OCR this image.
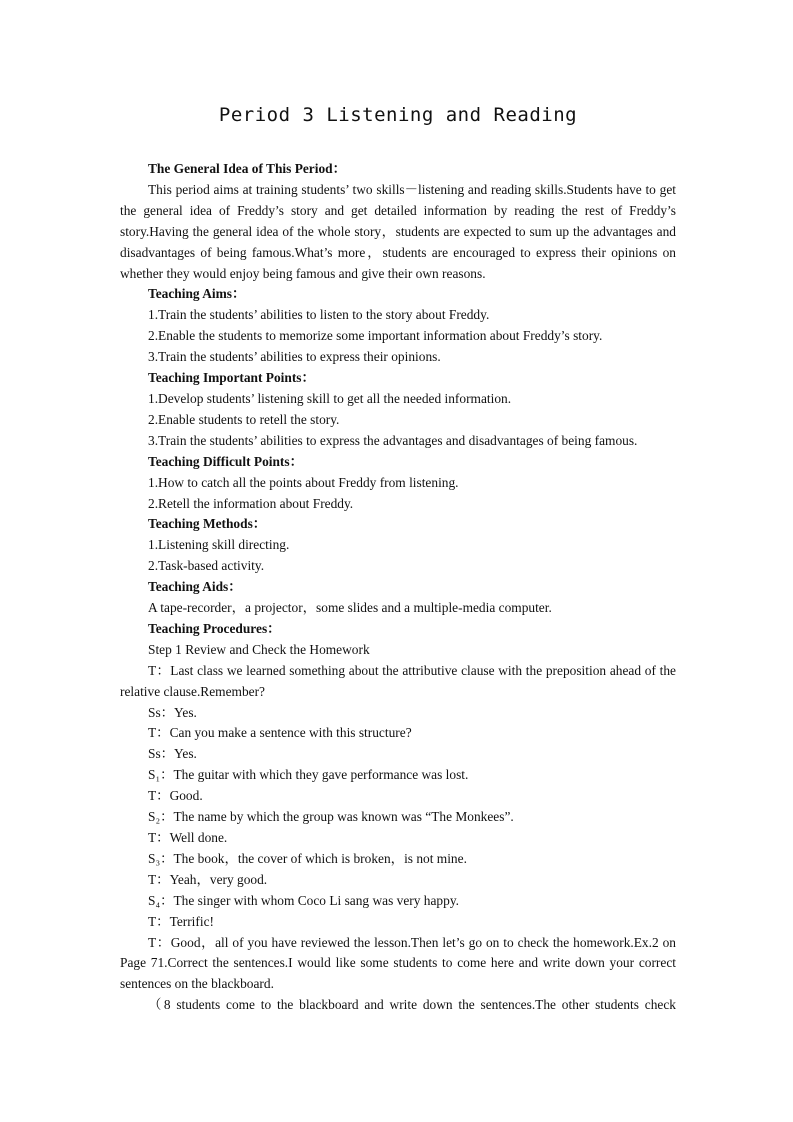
Period 3 Listening and Reading

The General Idea of This Period：

This period aims at training students’ two skills－listening and reading skills.Students have to get the general idea of Freddy’s story and get detailed information by reading the rest of Freddy’s story.Having the general idea of the whole story，students are expected to sum up the advantages and disadvantages of being famous.What’s more，students are encouraged to express their opinions on whether they would enjoy being famous and give their own reasons.

Teaching Aims：

1.Train the students’ abilities to listen to the story about Freddy.

2.Enable the students to memorize some important information about Freddy’s story.

3.Train the students’ abilities to express their opinions.

Teaching Important Points：

1.Develop students’ listening skill to get all the needed information.

2.Enable students to retell the story.

3.Train the students’ abilities to express the advantages and disadvantages of being famous.

Teaching Difficult Points：

1.How to catch all the points about Freddy from listening.

2.Retell the information about Freddy.

Teaching Methods：

1.Listening skill directing.

2.Task-based activity.

Teaching Aids：

A tape-recorder，a projector，some slides and a multiple-media computer.

Teaching Procedures：

Step 1 Review and Check the Homework

T：Last class we learned something about the attributive clause with the preposition ahead of the relative clause.Remember?

Ss：Yes.

T：Can you make a sentence with this structure?

Ss：Yes.

S₁：The guitar with which they gave performance was lost.

T：Good.

S₂：The name by which the group was known was “The Monkees”.

T：Well done.

S₃：The book，the cover of which is broken，is not mine.

T：Yeah，very good.

S₄：The singer with whom Coco Li sang was very happy.

T：Terrific!

T：Good，all of you have reviewed the lesson.Then let’s go on to check the homework.Ex.2 on Page 71.Correct the sentences.I would like some students to come here and write down your correct sentences on the blackboard.

（8 students come to the blackboard and write down the sentences.The other students check
